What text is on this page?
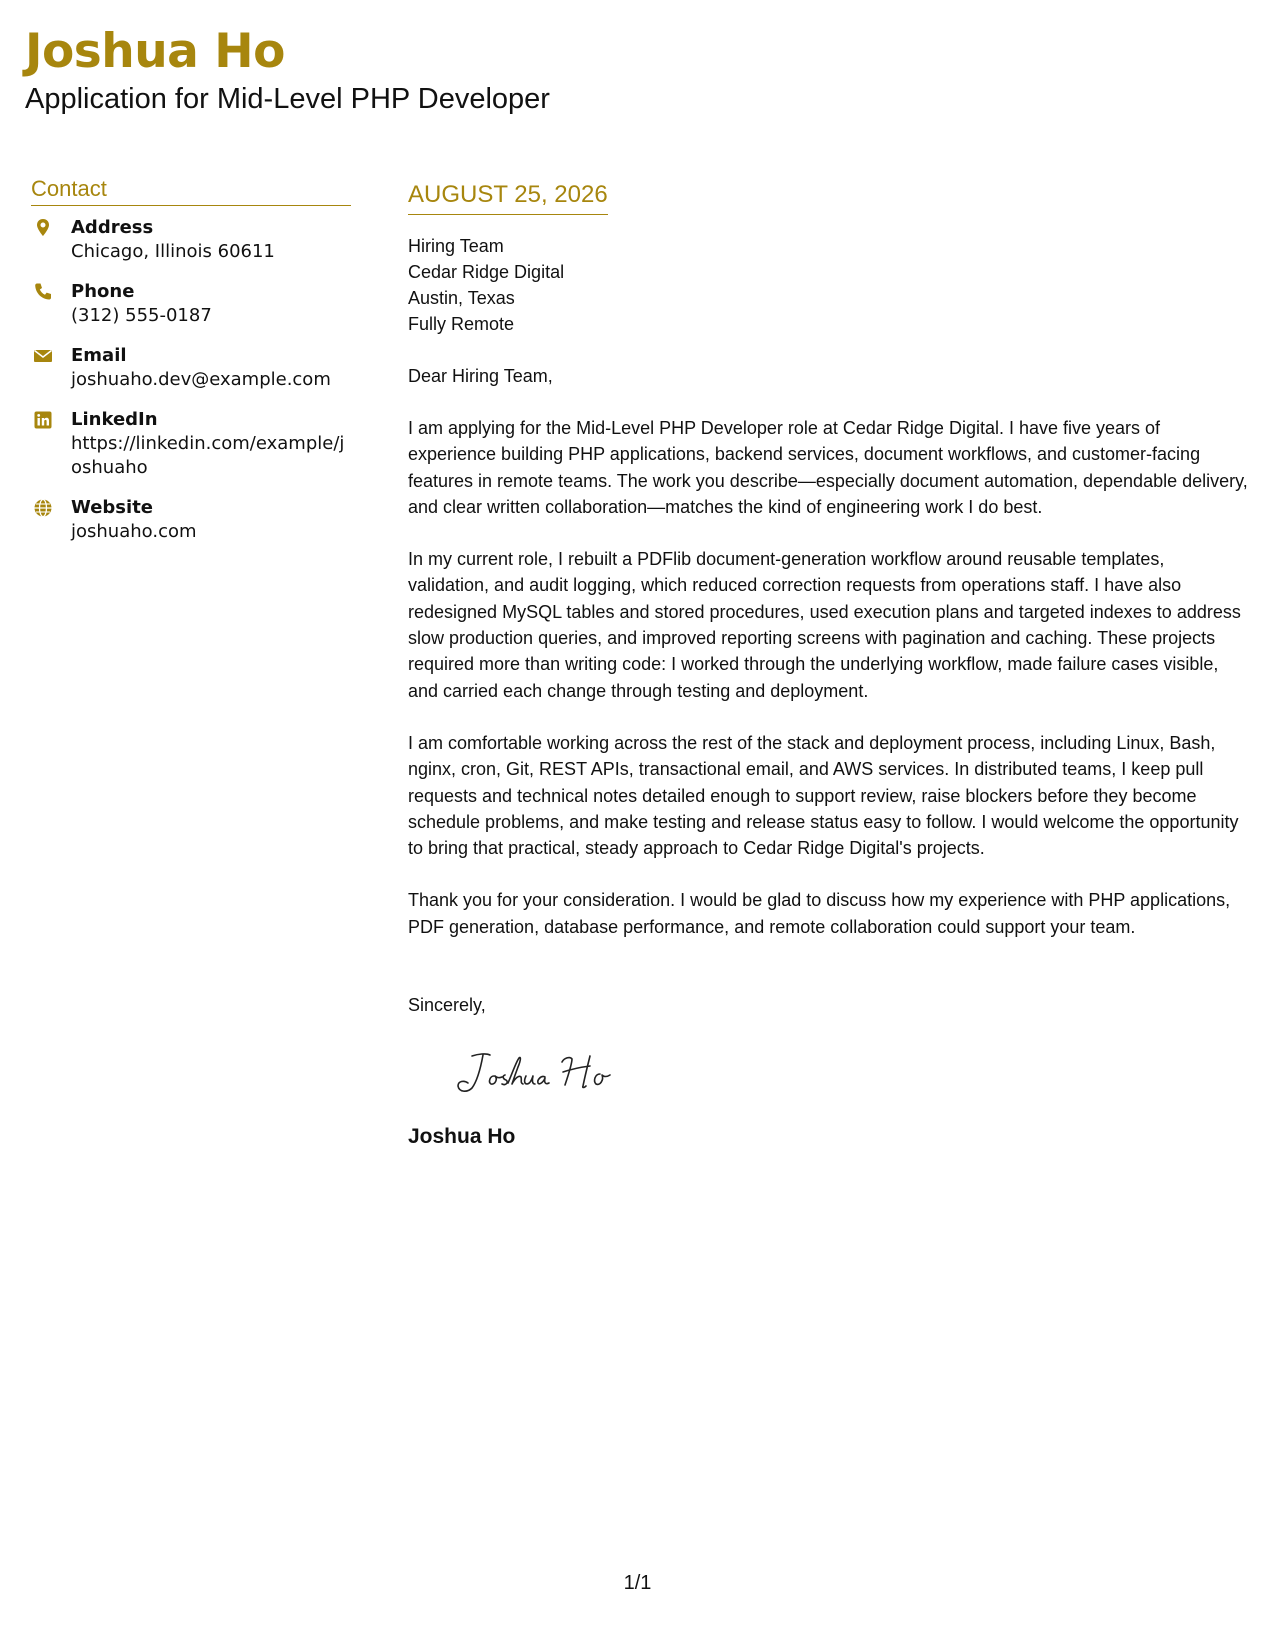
Joshua Ho
Application for Mid-Level PHP Developer
Contact
Address
Chicago, Illinois 60611
Phone
(312) 555-0187
Email
joshuaho.dev@example.com
LinkedIn
https://linkedin.com/example/joshuaho
Website
joshuaho.com
AUGUST 25, 2026
Hiring Team
Cedar Ridge Digital
Austin, Texas
Fully Remote
Dear Hiring Team,

I am applying for the Mid-Level PHP Developer role at Cedar Ridge Digital. I have five years of experience building PHP applications, backend services, document workflows, and customer-facing features in remote teams. The work you describe—especially document automation, dependable delivery, and clear written collaboration—matches the kind of engineering work I do best.

In my current role, I rebuilt a PDFlib document-generation workflow around reusable templates, validation, and audit logging, which reduced correction requests from operations staff. I have also redesigned MySQL tables and stored procedures, used execution plans and targeted indexes to address slow production queries, and improved reporting screens with pagination and caching. These projects required more than writing code: I worked through the underlying workflow, made failure cases visible, and carried each change through testing and deployment.

I am comfortable working across the rest of the stack and deployment process, including Linux, Bash, nginx, cron, Git, REST APIs, transactional email, and AWS services. In distributed teams, I keep pull requests and technical notes detailed enough to support review, raise blockers before they become schedule problems, and make testing and release status easy to follow. I would welcome the opportunity to bring that practical, steady approach to Cedar Ridge Digital's projects.

Thank you for your consideration. I would be glad to discuss how my experience with PHP applications, PDF generation, database performance, and remote collaboration could support your team.

Sincerely,
Joshua Ho
1/1
